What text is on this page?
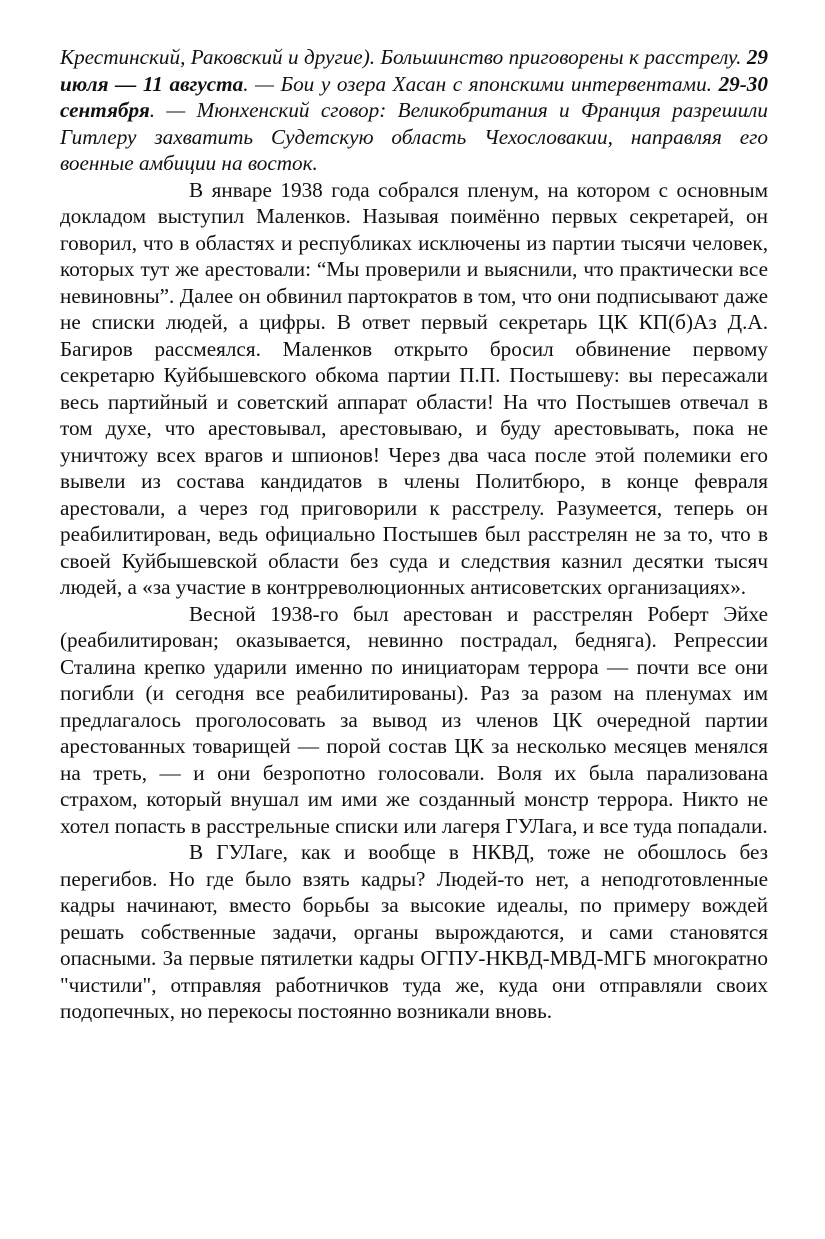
Крестинский, Раковский и другие). Большинство приговорены к расстрелу. 29 июля — 11 августа. — Бои у озера Хасан с японскими интервентами. 29-30 сентября. — Мюнхенский сговор: Великобритания и Франция разрешили Гитлеру захватить Судетскую область Чехословакии, направляя его военные амбиции на восток.

В январе 1938 года собрался пленум, на котором с основным докладом выступил Маленков. Называя поимённо первых секретарей, он говорил, что в областях и республиках исключены из партии тысячи человек, которых тут же арестовали: “Мы проверили и выяснили, что практически все невиновны”. Далее он обвинил партократов в том, что они подписывают даже не списки людей, а цифры. В ответ первый секретарь ЦК КП(б)Аз Д.А. Багиров рассмеялся. Маленков открыто бросил обвинение первому секретарю Куйбышевского обкома партии П.П. Постышеву: вы пересажали весь партийный и советский аппарат области! На что Постышев отвечал в том духе, что арестовывал, арестовываю, и буду арестовывать, пока не уничтожу всех врагов и шпионов! Через два часа после этой полемики его вывели из состава кандидатов в члены Политбюро, в конце февраля арестовали, а через год приговорили к расстрелу. Разумеется, теперь он реабилитирован, ведь официально Постышев был расстрелян не за то, что в своей Куйбышевской области без суда и следствия казнил десятки тысяч людей, а «за участие в контрреволюционных антисоветских организациях».

Весной 1938-го был арестован и расстрелян Роберт Эйхе (реабилитирован; оказывается, невинно пострадал, бедняга). Репрессии Сталина крепко ударили именно по инициаторам террора — почти все они погибли (и сегодня все реабилитированы). Раз за разом на пленумах им предлагалось проголосовать за вывод из членов ЦК очередной партии арестованных товарищей — порой состав ЦК за несколько месяцев менялся на треть, — и они безропотно голосовали. Воля их была парализована страхом, который внушал им ими же созданный монстр террора. Никто не хотел попасть в расстрельные списки или лагеря ГУЛага, и все туда попадали.

В ГУЛаге, как и вообще в НКВД, тоже не обошлось без перегибов. Но где было взять кадры? Людей-то нет, а неподготовленные кадры начинают, вместо борьбы за высокие идеалы, по примеру вождей решать собственные задачи, органы вырождаются, и сами становятся опасными. За первые пятилетки кадры ОГПУ-НКВД-МВД-МГБ многократно "чистили", отправляя работничков туда же, куда они отправляли своих подопечных, но перекосы постоянно возникали вновь.
